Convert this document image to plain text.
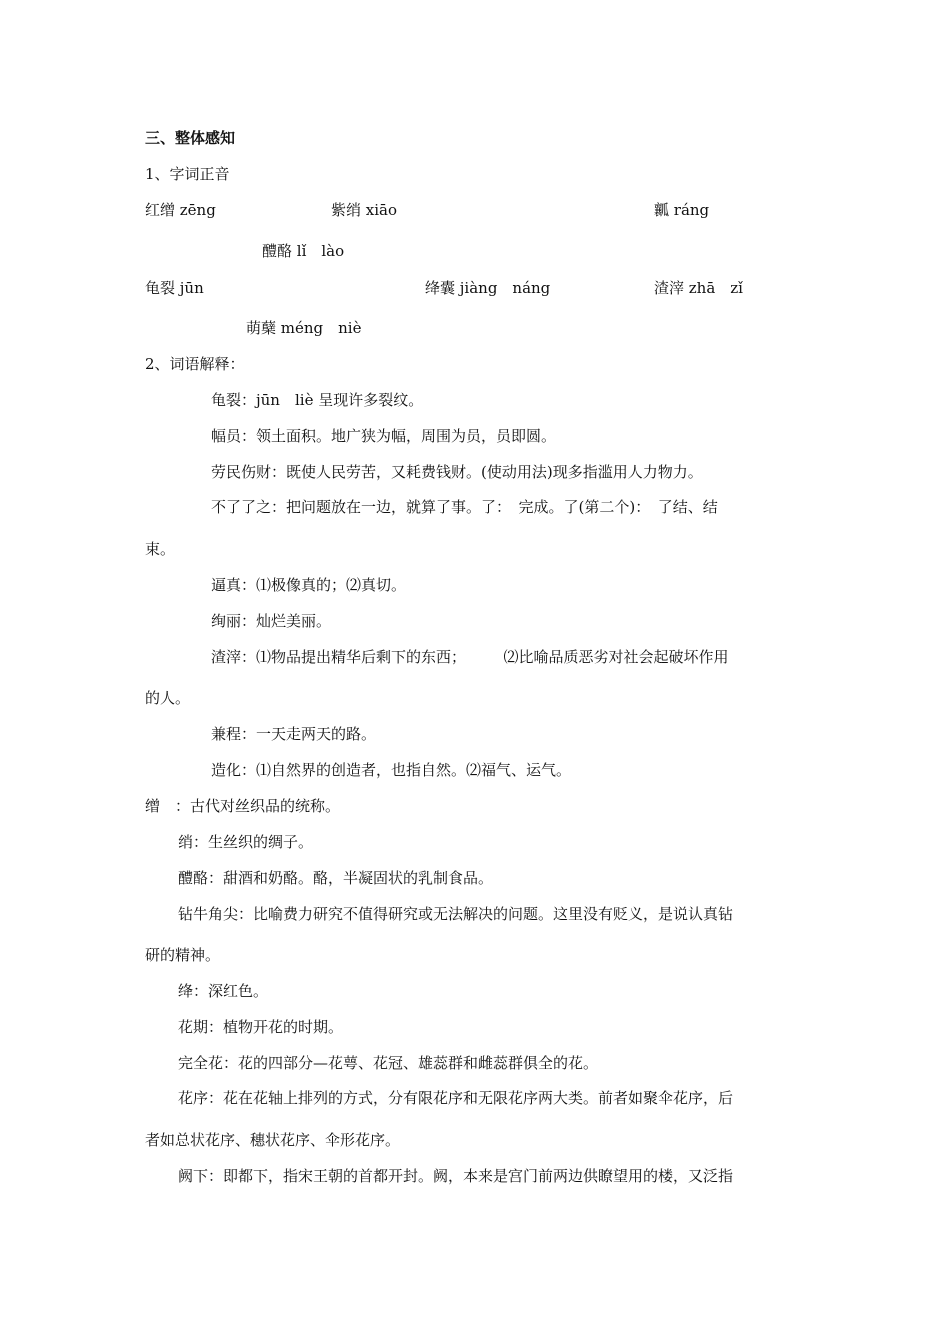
三、整体感知
1、字词正音
红缯 zēng	紫绡 xiāo	瓤 ráng
醴酪 lǐ　lào
龟裂 jūn	绛囊 jiàng　náng	渣滓 zhā　zǐ
萌蘖 méng　niè
2、词语解释：
龟裂：jūn　liè 呈现许多裂纹。
幅员：领土面积。地广狭为幅，周围为员，员即圆。
劳民伤财：既使人民劳苦，又耗费钱财。(使动用法)现多指滥用人力物力。
不了了之：把问题放在一边，就算了事。了：　完成。了(第二个)：　了结、结
束。
逼真：⑴极像真的；⑵真切。
绚丽：灿烂美丽。
渣滓：⑴物品提出精华后剩下的东西；　　　⑵比喻品质恶劣对社会起破坏作用
的人。
兼程：一天走两天的路。
造化：⑴自然界的创造者，也指自然。⑵福气、运气。
缯　：古代对丝织品的统称。
绡：生丝织的绸子。
醴酪：甜酒和奶酪。酪，半凝固状的乳制食品。
钻牛角尖：比喻费力研究不值得研究或无法解决的问题。这里没有贬义，是说认真钻
研的精神。
绛：深红色。
花期：植物开花的时期。
完全花：花的四部分—花萼、花冠、雄蕊群和雌蕊群俱全的花。
花序：花在花轴上排列的方式，分有限花序和无限花序两大类。前者如聚伞花序，后
者如总状花序、穗状花序、伞形花序。
阙下：即都下，指宋王朝的首都开封。阙，本来是宫门前两边供瞭望用的楼，又泛指
